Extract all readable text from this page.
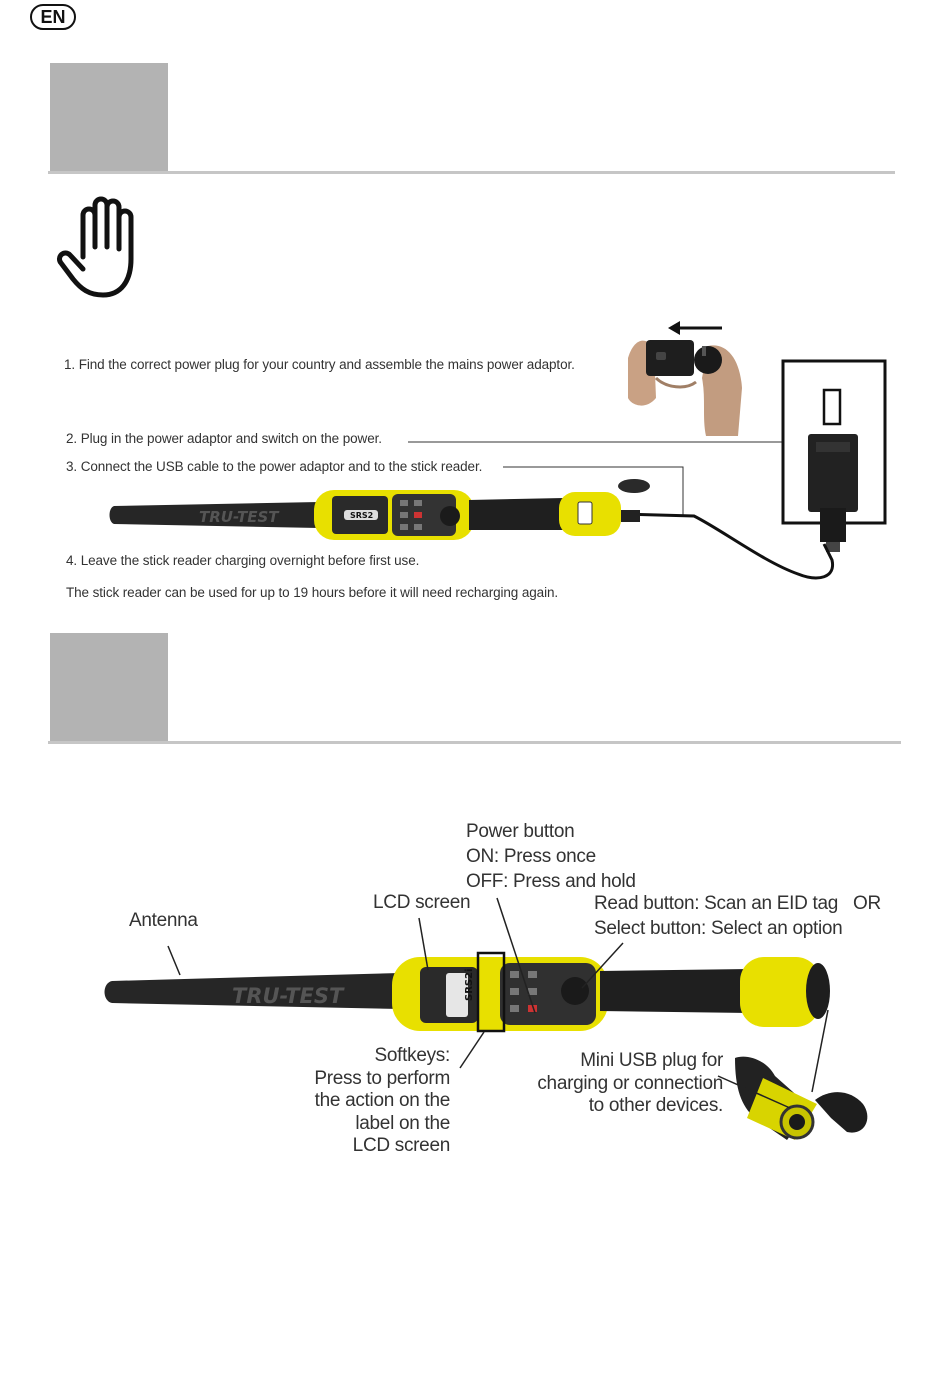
EN
1. Find the correct power plug for your country and assemble the mains power adaptor.
2. Plug in the power adaptor and switch on the power.
3. Connect the USB cable to the power adaptor and to the stick reader.
4. Leave the stick reader charging overnight before first use.
The stick reader can be used for up to 19 hours before it will need recharging again.
TRU-TEST	SRS2
TRU-TEST	SRS2i
Antenna
LCD screen
Power button
ON: Press once
OFF: Press and hold
Read button: Scan an EID tag   OR
Select button: Select an option
Softkeys:
Press to perform
the action on the
label on the
LCD screen
Mini USB plug for
charging or connection
to other devices.
